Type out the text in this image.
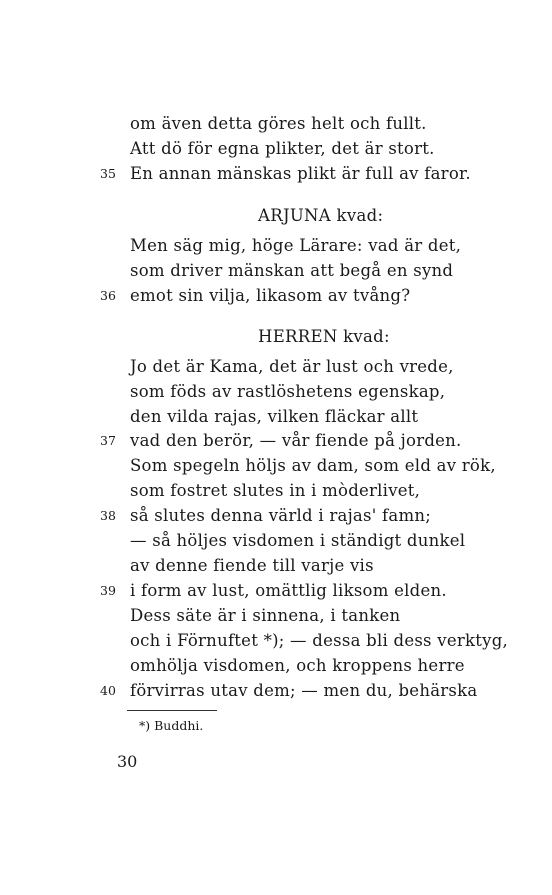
om även detta göres helt och fullt.
Att dö för egna plikter, det är stort.
35 En annan mänskas plikt är full av faror.
ARJUNA kvad:
Men säg mig, höge Lärare: vad är det,
som driver mänskan att begå en synd
36 emot sin vilja, likasom av tvång?
HERREN kvad:
Jo det är Kama, det är lust och vrede,
som föds av rastlöshetens egenskap,
den vilda rajas, vilken fläckar allt
37 vad den berör, — vår fiende på jorden.
Som spegeln höljs av dam, som eld av rök,
som fostret slutes in i mòderlivet,
38 så slutes denna värld i rajas' famn;
— så höljes visdomen i ständigt dunkel
av denne fiende till varje vis
39 i form av lust, omättlig liksom elden.
Dess säte är i sinnena, i tanken
och i Förnuftet *); — dessa bli dess verktyg,
omhölja visdomen, och kroppens herre
40 förvirras utav dem; — men du, behärska
*) Buddhi.
30
